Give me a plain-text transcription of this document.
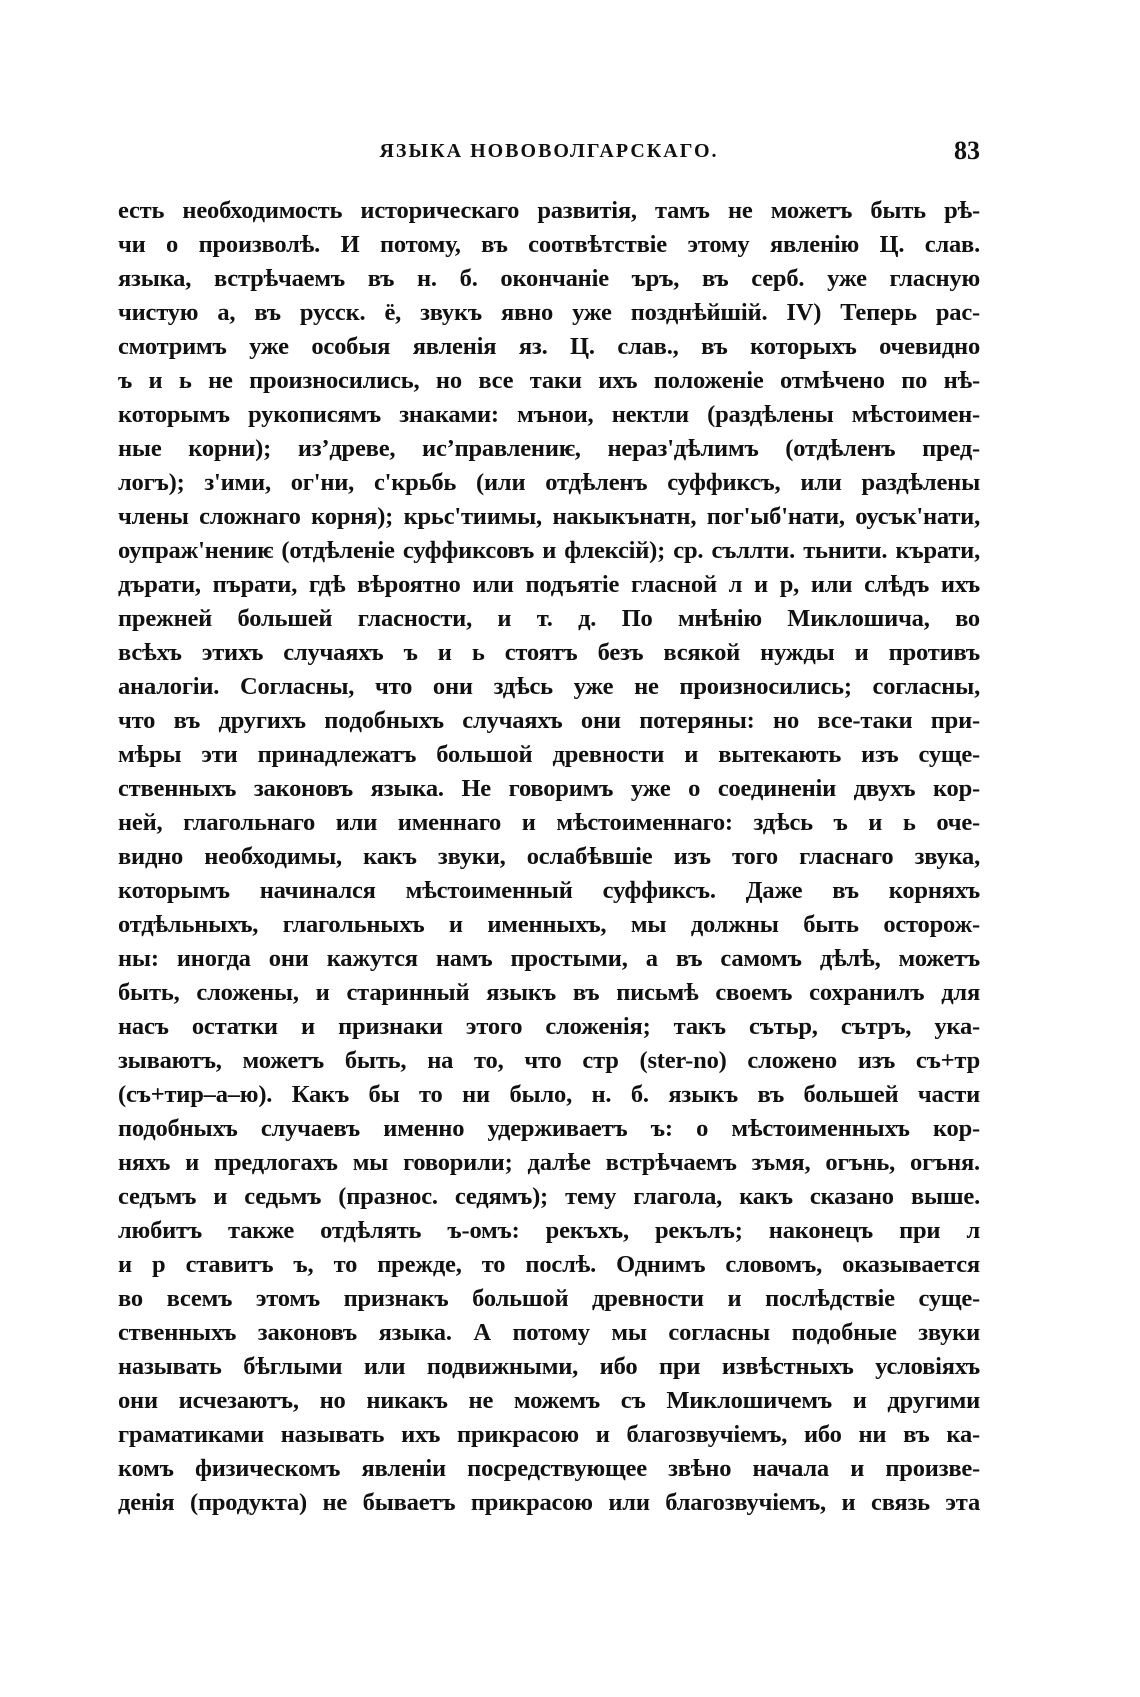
ЯЗЫКА НОВОВОЛГАРСКАГО.	83
есть необходимость историческаго развитія, тамъ не можетъ быть рѣ-
чи о произволѣ. И потому, въ соотвѣтствіе этому явленію Ц. слав.
языка, встрѣчаемъ въ н. б. окончаніе ъръ, въ серб. уже гласную
чистую а, въ русск. ё, звукъ явно уже позднѣйшій. IV) Теперь рас-
смотримъ уже особыя явленія яз. Ц. слав., въ которыхъ очевидно
ъ и ь не произносились, но все таки ихъ положеніе отмѣчено по нѣ-
которымъ рукописямъ знаками: мънои, нектли (раздѣлены мѣстоимен-
ные корни); изʼдреве, исʼправлениѥ, нераз'дѣлимъ (отдѣленъ пред-
логъ); з'ими, ог'ни, с'крьбь (или отдѣленъ суффиксъ, или раздѣлены
члены сложнаго корня); крьс'тиимы, накыкънатн, пог'ыб'нати, оусък'нати,
оупраж'нениѥ (отдѣленіе суффиксовъ и флексій); ср. съллти. тьнити. кърати,
дърати, пърати, гдѣ вѣроятно или подъятіе гласной л и р, или слѣдъ ихъ
прежней большей гласности, и т. д. По мнѣнію Миклошича, во
всѣхъ этихъ случаяхъ ъ и ь стоятъ безъ всякой нужды и противъ
аналогіи. Согласны, что они здѣсь уже не произносились; согласны,
что въ другихъ подобныхъ случаяхъ они потеряны: но все-таки при-
мѣры эти принадлежатъ большой древности и вытекають изъ суще-
ственныхъ законовъ языка. Не говоримъ уже о соединеніи двухъ кор-
ней, глагольнаго или именнаго и мѣстоименнаго: здѣсь ъ и ь оче-
видно необходимы, какъ звуки, ослабѣвшіе изъ того гласнаго звука,
которымъ начинался мѣстоименный суффиксъ. Даже въ корняхъ
отдѣльныхъ, глагольныхъ и именныхъ, мы должны быть осторож-
ны: иногда они кажутся намъ простыми, а въ самомъ дѣлѣ, можетъ
быть, сложены, и старинный языкъ въ письмѣ своемъ сохранилъ для
насъ остатки и признаки этого сложенія; такъ сътьр, сътръ, ука-
зываютъ, можетъ быть, на то, что стр (ster-no) сложено изъ съ+тр
(съ+тир–а–ю). Какъ бы то ни было, н. б. языкъ въ большей части
подобныхъ случаевъ именно удерживаетъ ъ: о мѣстоименныхъ кор-
няхъ и предлогахъ мы говорили; далѣе встрѣчаемъ зъмя, огънь, огъня.
седъмъ и седьмъ (празнос. седямъ); тему глагола, какъ сказано выше.
любитъ также отдѣлять ъ-омъ: рекъхъ, рекълъ; наконецъ при л
и р ставитъ ъ, то прежде, то послѣ. Однимъ словомъ, оказывается
во всемъ этомъ признакъ большой древности и послѣдствіе суще-
ственныхъ законовъ языка. А потому мы согласны подобные звуки
называть бѣглыми или подвижными, ибо при извѣстныхъ условіяхъ
они исчезаютъ, но никакъ не можемъ съ Миклошичемъ и другими
граматиками называть ихъ прикрасою и благозвучіемъ, ибо ни въ ка-
комъ физическомъ явленіи посредствующее звѣно начала и произве-
денія (продукта) не бываетъ прикрасою или благозвучіемъ, и связь эта
